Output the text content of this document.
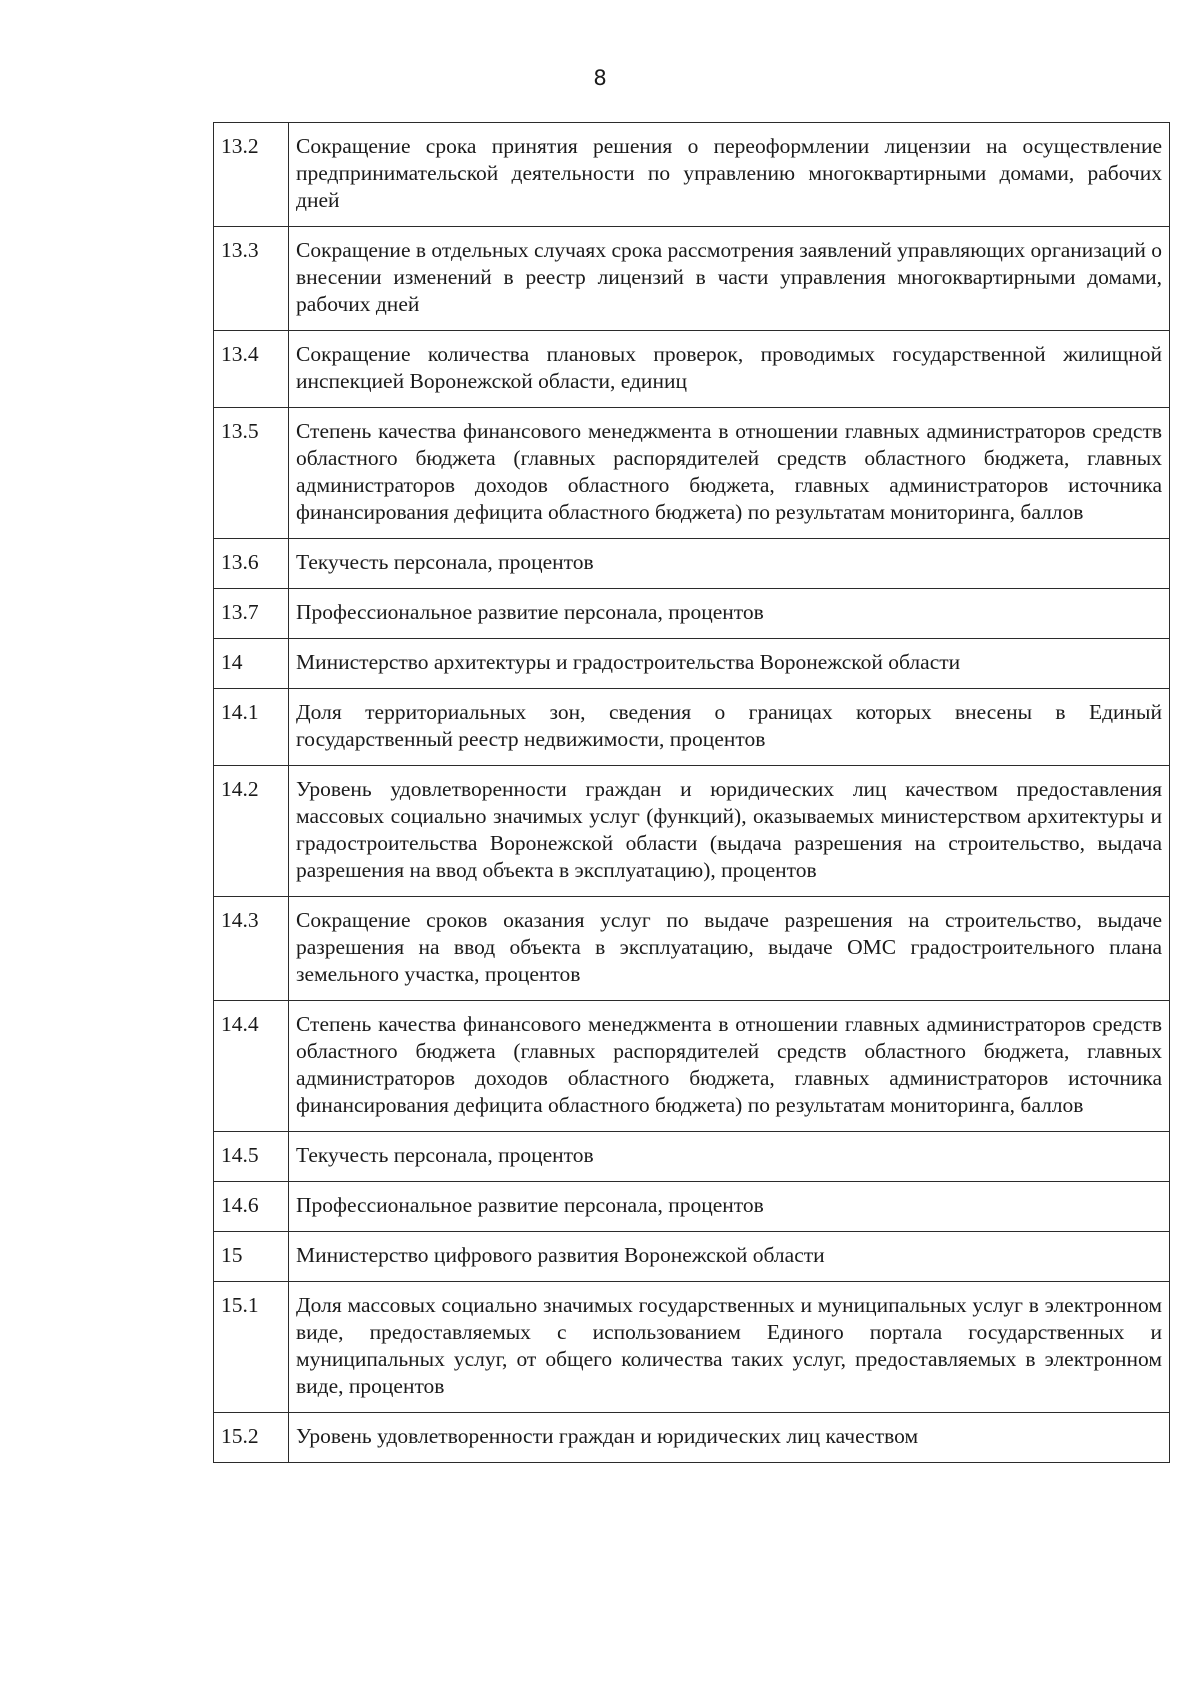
8
13.2	Сокращение срока принятия решения о переоформлении лицензии на осуществление предпринимательской деятельности по управлению многоквартирными домами, рабочих дней
13.3	Сокращение в отдельных случаях срока рассмотрения заявлений управляющих организаций о внесении изменений в реестр лицензий в части управления многоквартирными домами, рабочих дней
13.4	Сокращение количества плановых проверок, проводимых государственной жилищной инспекцией Воронежской области, единиц
13.5	Степень качества финансового менеджмента в отношении главных администраторов средств областного бюджета (главных распорядителей средств областного бюджета, главных администраторов доходов областного бюджета, главных администраторов источника финансирования дефицита областного бюджета) по результатам мониторинга, баллов
13.6	Текучесть персонала, процентов
13.7	Профессиональное развитие персонала, процентов
14	Министерство архитектуры и градостроительства Воронежской области
14.1	Доля территориальных зон, сведения о границах которых внесены в Единый государственный реестр недвижимости, процентов
14.2	Уровень удовлетворенности граждан и юридических лиц качеством предоставления массовых социально значимых услуг (функций), оказываемых министерством архитектуры и градостроительства Воронежской области (выдача разрешения на строительство, выдача разрешения на ввод объекта в эксплуатацию), процентов
14.3	Сокращение сроков оказания услуг по выдаче разрешения на строительство, выдаче разрешения на ввод объекта в эксплуатацию, выдаче ОМС градостроительного плана земельного участка, процентов
14.4	Степень качества финансового менеджмента в отношении главных администраторов средств областного бюджета (главных распорядителей средств областного бюджета, главных администраторов доходов областного бюджета, главных администраторов источника финансирования дефицита областного бюджета) по результатам мониторинга, баллов
14.5	Текучесть персонала, процентов
14.6	Профессиональное развитие персонала, процентов
15	Министерство цифрового развития Воронежской области
15.1	Доля массовых социально значимых государственных и муниципальных услуг в электронном виде, предоставляемых с использованием Единого портала государственных и муниципальных услуг, от общего количества таких услуг, предоставляемых в электронном виде, процентов
15.2	Уровень удовлетворенности граждан и юридических лиц качеством
